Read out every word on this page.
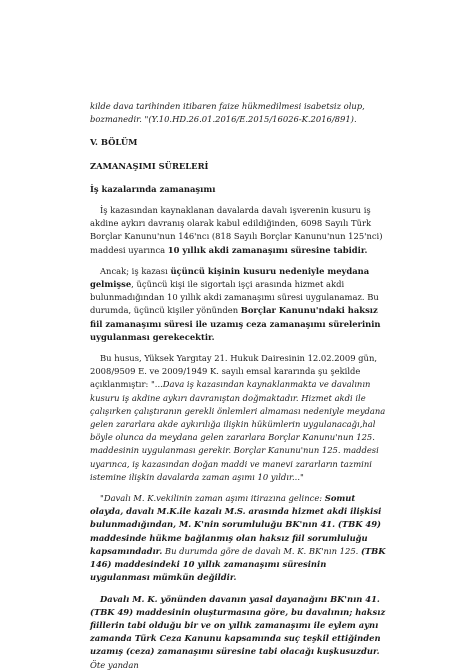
kilde dava tarihinden itibaren faize hükmedilmesi isabetsiz olup, bozmanedir. "(Y.10.HD.26.01.2016/E.2015/16026-K.2016/891).

V. BÖLÜM

ZAMANAŞIMI SÜRELERİ

İş kazalarında zamanaşımı

İş kazasından kaynaklanan davalarda davalı işverenin kusuru iş akdine aykırı davranış olarak kabul edildiğinden, 6098 Sayılı Türk Borçlar Kanunu'nun 146'ncı (818 Sayılı Borçlar Kanunu'nun 125'nci) maddesi uyarınca 10 yıllık akdi zamanaşımı süresine tabidir.

Ancak; iş kazası üçüncü kişinin kusuru nedeniyle meydana gelmişse, üçüncü kişi ile sigortalı işçi arasında hizmet akdi bulunmadığından 10 yıllık akdi zamanaşımı süresi uygulanamaz. Bu durumda, üçüncü kişiler yönünden Borçlar Kanunu'ndaki haksız fiil zamanaşımı süresi ile uzamış ceza zamanaşımı sürelerinin uygulanması gerekecektir.

Bu husus, Yüksek Yargıtay 21. Hukuk Dairesinin 12.02.2009 gün, 2008/9509 E. ve 2009/1949 K. sayılı emsal kararında şu şekilde açıklanmıştır: "...Dava iş kazasından kaynaklanmakta ve davalının kusuru iş akdine aykırı davranıştan doğmaktadır. Hizmet akdi ile çalışırken çalıştıranın gerekli önlemleri almaması nedeniyle meydana gelen zararlara akde aykırılığa ilişkin hükümlerin uygulanacağı,hal böyle olunca da meydana gelen zararlara Borçlar Kanunu'nun 125. maddesinin uygulanması gerekir. Borçlar Kanunu'nun 125. maddesi uyarınca, iş kazasından doğan maddi ve manevi zararların tazmini istemine ilişkin davalarda zaman aşımı 10 yıldır..."

"Davalı M. K.vekilinin zaman aşımı itirazına gelince: Somut olayda, davalı M.K.ile kazalı M.S. arasında hizmet akdi ilişkisi bulunmadığından, M. K'nin sorumluluğu BK'nın 41. (TBK 49) maddesinde hükme bağlanmış olan haksız fiil sorumluluğu kapsamındadır. Bu durumda göre de davalı M. K. BK'nın 125. (TBK 146) maddesindeki 10 yıllık zamanaşımı süresinin uygulanması mümkün değildir.

Davalı M. K. yönünden davanın yasal dayanağını BK'nın 41. (TBK 49) maddesinin oluşturmasına göre, bu davalının; haksız fiillerin tabi olduğu bir ve on yıllık zamanaşımı ile eylem aynı zamanda Türk Ceza Kanunu kapsamında suç teşkil ettiğinden uzamış (ceza) zamanaşımı süresine tabi olacağı kuşkusuzdur. Öte yandan
